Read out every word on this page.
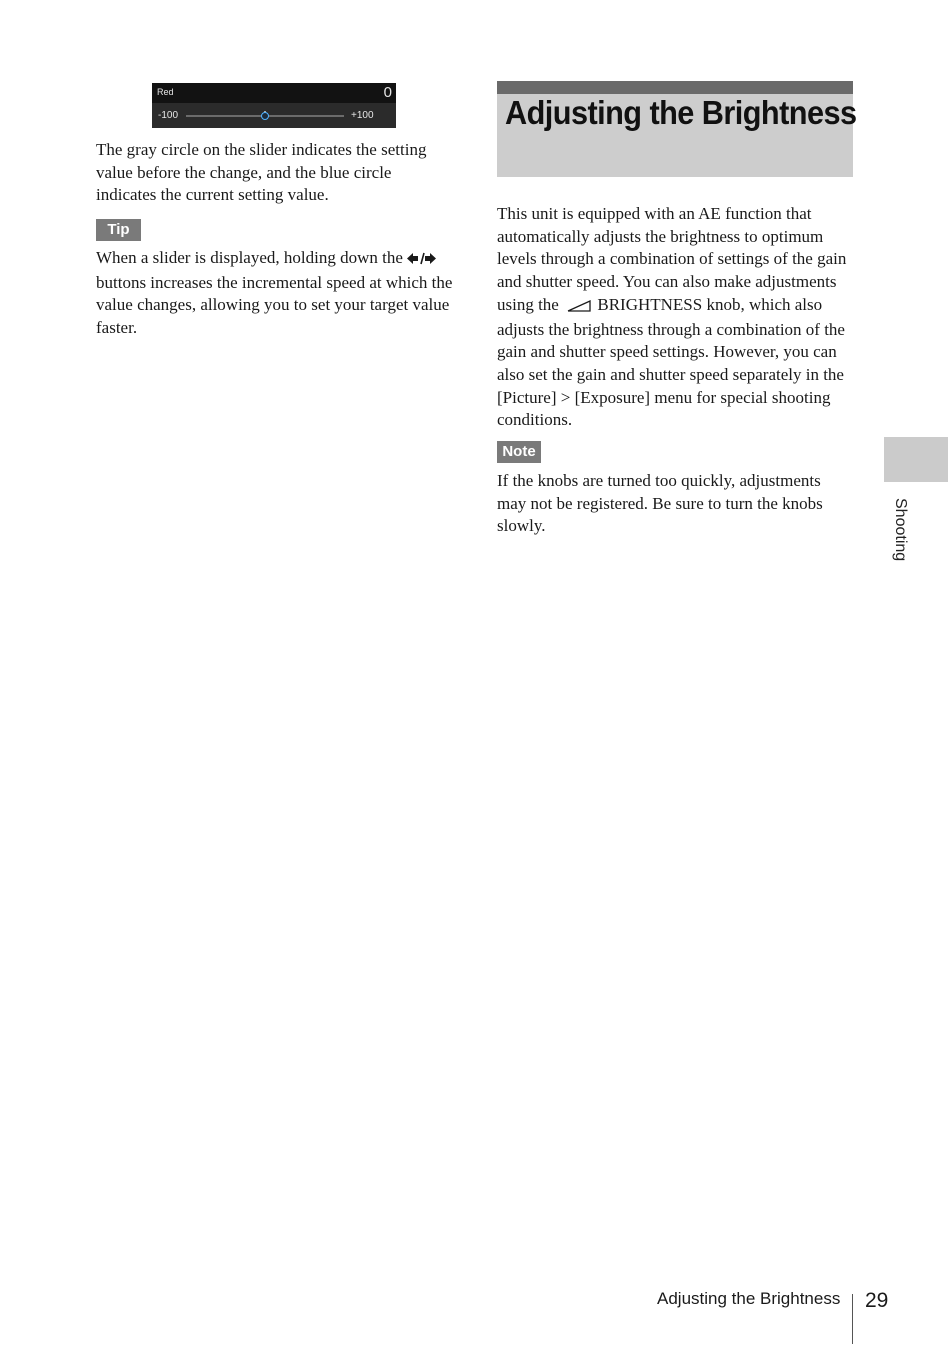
Red	0
-100	+100

The gray circle on the slider indicates the setting value before the change, and the blue circle indicates the current setting value.

Tip

When a slider is displayed, holding down the  buttons increases the incremental speed at which the value changes, allowing you to set your target value faster.

Adjusting the Brightness

This unit is equipped with an AE function that automatically adjusts the brightness to optimum levels through a combination of settings of the gain and shutter speed. You can also make adjustments using the BRIGHTNESS knob, which also adjusts the brightness through a combination of the gain and shutter speed settings. However, you can also set the gain and shutter speed separately in the [Picture] > [Exposure] menu for special shooting conditions.

Note

If the knobs are turned too quickly, adjustments may not be registered. Be sure to turn the knobs slowly.	Shooting
Adjusting the Brightness 29
